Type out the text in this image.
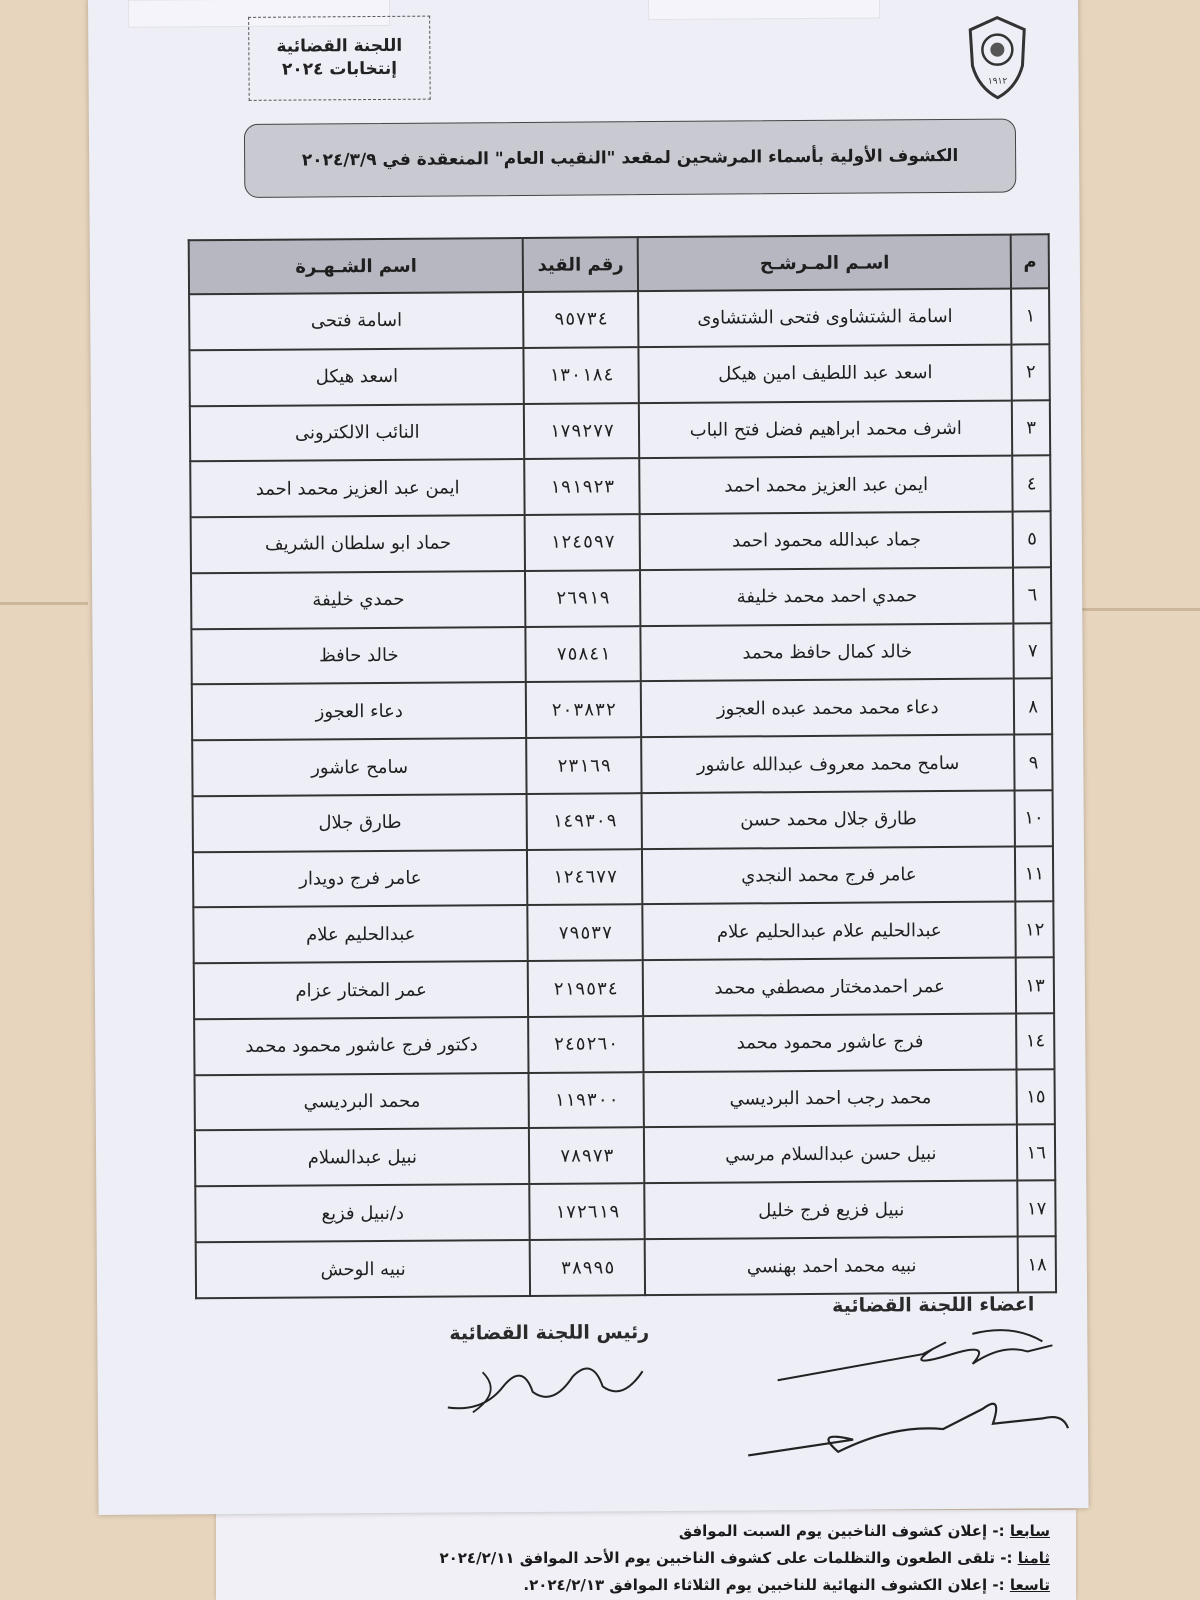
سابعا :- إعلان كشوف الناخبين يوم السبت الموافق
ثامنا :- تلقى الطعون والتظلمات على كشوف الناخبين يوم الأحد الموافق ٢٠٢٤/٢/١١
تاسعا :- إعلان الكشوف النهائية للناخبين يوم الثلاثاء الموافق ٢٠٢٤/٢/١٣.
اللجنة القضائية
إنتخابات ٢٠٢٤
١٩١٢
الكشوف الأولية بأسماء المرشحين لمقعد "النقيب العام" المنعقدة في ٢٠٢٤/٣/٩
م	اسـم المـرشـح	رقم القيد	اسم الشـهـرة
١	اسامة الشتشاوى فتحى الشتشاوى	٩٥٧٣٤	اسامة فتحى
٢	اسعد عبد اللطيف امين هيكل	١٣٠١٨٤	اسعد هيكل
٣	اشرف محمد ابراهيم فضل فتح الباب	١٧٩٢٧٧	النائب الالكترونى
٤	ايمن عبد العزيز محمد احمد	١٩١٩٢٣	ايمن عبد العزيز محمد احمد
٥	جماد عبدالله محمود احمد	١٢٤٥٩٧	حماد ابو سلطان الشريف
٦	حمدي احمد محمد خليفة	٢٦٩١٩	حمدي خليفة
٧	خالد كمال حافظ محمد	٧٥٨٤١	خالد حافظ
٨	دعاء محمد محمد عبده العجوز	٢٠٣٨٣٢	دعاء العجوز
٩	سامح محمد معروف عبدالله عاشور	٢٣١٦٩	سامح عاشور
١٠	طارق جلال محمد حسن	١٤٩٣٠٩	طارق جلال
١١	عامر فرج محمد النجدي	١٢٤٦٧٧	عامر فرج دويدار
١٢	عبدالحليم علام عبدالحليم علام	٧٩٥٣٧	عبدالحليم علام
١٣	عمر احمدمختار مصطفي محمد	٢١٩٥٣٤	عمر المختار عزام
١٤	فرج عاشور محمود محمد	٢٤٥٢٦٠	دكتور فرج عاشور محمود محمد
١٥	محمد رجب احمد البرديسي	١١٩٣٠٠	محمد البرديسي
١٦	نبيل حسن عبدالسلام مرسي	٧٨٩٧٣	نبيل عبدالسلام
١٧	نبيل فزيع فرج خليل	١٧٢٦١٩	د/نبيل فزيع
١٨	نبيه محمد احمد بهنسي	٣٨٩٩٥	نبيه الوحش
اعضاء اللجنة القضائية
رئيس اللجنة القضائية
